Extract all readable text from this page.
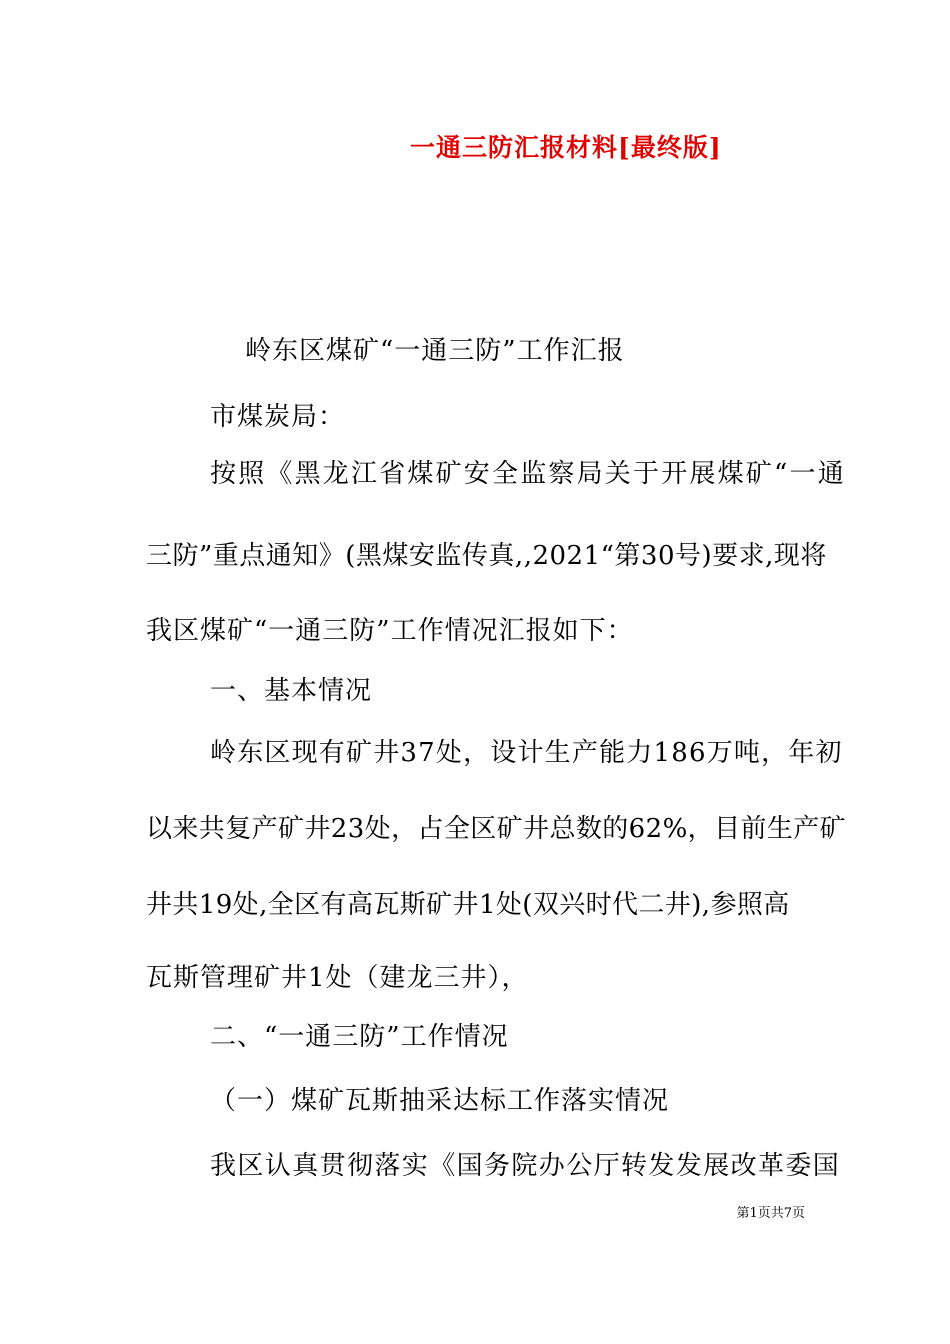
一通三防汇报材料[最终版]
岭东区煤矿“一通三防”工作汇报
市煤炭局：
按照《黑龙江省煤矿安全监察局关于开展煤矿“一通
三防”重点通知》(黑煤安监传真,,2021“第30号)要求,现将
我区煤矿“一通三防”工作情况汇报如下：
一、基本情况
岭东区现有矿井37处，设计生产能力186万吨，年初
以来共复产矿井23处，占全区矿井总数的62%，目前生产矿
井共19处,全区有高瓦斯矿井1处(双兴时代二井),参照高
瓦斯管理矿井1处（建龙三井），
二、“一通三防”工作情况
（一）煤矿瓦斯抽采达标工作落实情况
我区认真贯彻落实《国务院办公厅转发发展改革委国
第1页共7页
